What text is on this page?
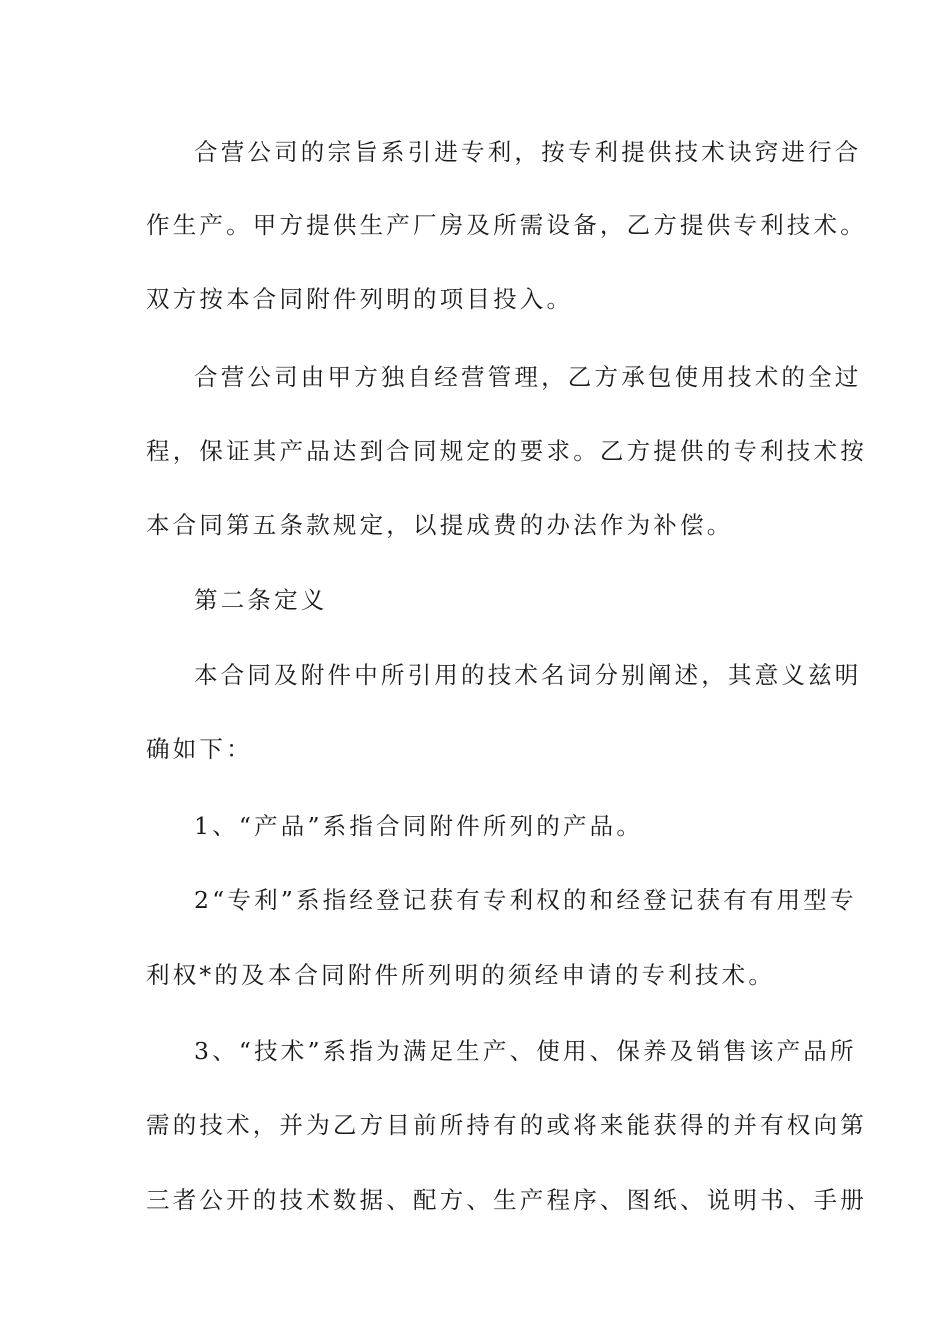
合营公司的宗旨系引进专利，按专利提供技术诀窍进行合

作生产。甲方提供生产厂房及所需设备，乙方提供专利技术。

双方按本合同附件列明的项目投入。

合营公司由甲方独自经营管理，乙方承包使用技术的全过

程，保证其产品达到合同规定的要求。乙方提供的专利技术按

本合同第五条款规定，以提成费的办法作为补偿。

第二条定义

本合同及附件中所引用的技术名词分别阐述，其意义兹明

确如下：

1、“产品”系指合同附件所列的产品。

2“专利”系指经登记获有专利权的和经登记获有有用型专

利权*的及本合同附件所列明的须经申请的专利技术。

3、“技术”系指为满足生产、使用、保养及销售该产品所

需的技术，并为乙方目前所持有的或将来能获得的并有权向第

三者公开的技术数据、配方、生产程序、图纸、说明书、手册
